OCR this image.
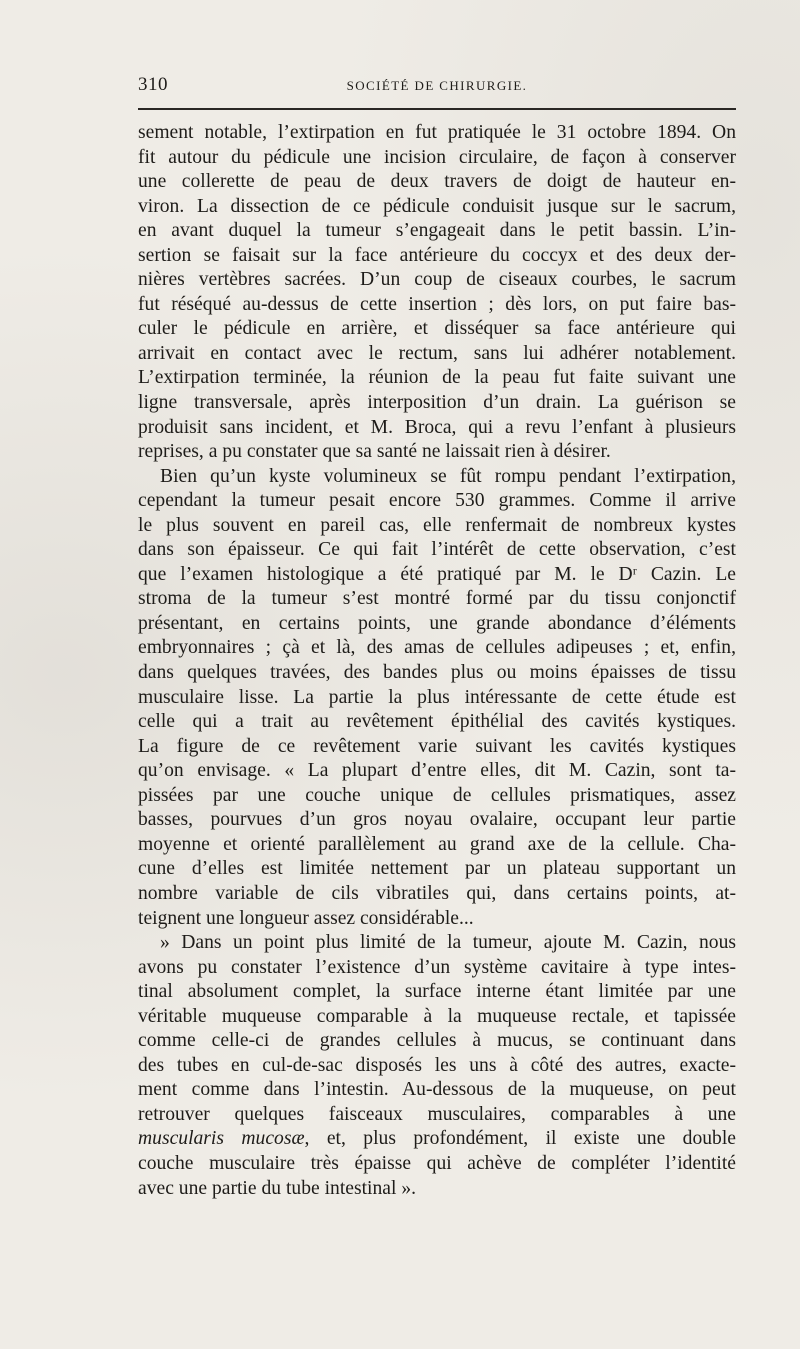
310	SOCIÉTÉ DE CHIRURGIE.
sement notable, l’extirpation en fut pratiquée le 31 octobre 1894. On
fit autour du pédicule une incision circulaire, de façon à conserver
une collerette de peau de deux travers de doigt de hauteur en-
viron. La dissection de ce pédicule conduisit jusque sur le sacrum,
en avant duquel la tumeur s’engageait dans le petit bassin. L’in-
sertion se faisait sur la face antérieure du coccyx et des deux der-
nières vertèbres sacrées. D’un coup de ciseaux courbes, le sacrum
fut réséqué au-dessus de cette insertion ; dès lors, on put faire bas-
culer le pédicule en arrière, et disséquer sa face antérieure qui
arrivait en contact avec le rectum, sans lui adhérer notablement.
L’extirpation terminée, la réunion de la peau fut faite suivant une
ligne transversale, après interposition d’un drain. La guérison se
produisit sans incident, et M. Broca, qui a revu l’enfant à plusieurs
reprises, a pu constater que sa santé ne laissait rien à désirer.
Bien qu’un kyste volumineux se fût rompu pendant l’extirpation,
cependant la tumeur pesait encore 530 grammes. Comme il arrive
le plus souvent en pareil cas, elle renfermait de nombreux kystes
dans son épaisseur. Ce qui fait l’intérêt de cette observation, c’est
que l’examen histologique a été pratiqué par M. le Dʳ Cazin. Le
stroma de la tumeur s’est montré formé par du tissu conjonctif
présentant, en certains points, une grande abondance d’éléments
embryonnaires ; çà et là, des amas de cellules adipeuses ; et, enfin,
dans quelques travées, des bandes plus ou moins épaisses de tissu
musculaire lisse. La partie la plus intéressante de cette étude est
celle qui a trait au revêtement épithélial des cavités kystiques.
La figure de ce revêtement varie suivant les cavités kystiques
qu’on envisage. « La plupart d’entre elles, dit M. Cazin, sont ta-
pissées par une couche unique de cellules prismatiques, assez
basses, pourvues d’un gros noyau ovalaire, occupant leur partie
moyenne et orienté parallèlement au grand axe de la cellule. Cha-
cune d’elles est limitée nettement par un plateau supportant un
nombre variable de cils vibratiles qui, dans certains points, at-
teignent une longueur assez considérable...
» Dans un point plus limité de la tumeur, ajoute M. Cazin, nous
avons pu constater l’existence d’un système cavitaire à type intes-
tinal absolument complet, la surface interne étant limitée par une
véritable muqueuse comparable à la muqueuse rectale, et tapissée
comme celle-ci de grandes cellules à mucus, se continuant dans
des tubes en cul-de-sac disposés les uns à côté des autres, exacte-
ment comme dans l’intestin. Au-dessous de la muqueuse, on peut
retrouver quelques faisceaux musculaires, comparables à une
muscularis mucosæ, et, plus profondément, il existe une double
couche musculaire très épaisse qui achève de compléter l’identité
avec une partie du tube intestinal ».
